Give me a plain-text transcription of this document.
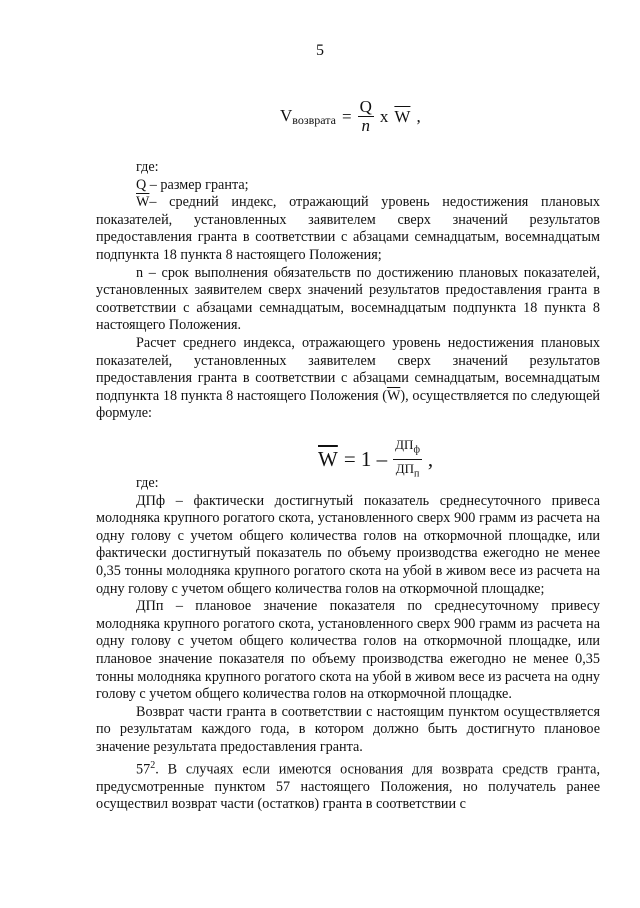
5
$V_{возврата} = \frac{Q}{n}$ x $\overline{W}$ ,

где:

Q – размер гранта;

$\overline{W}-$ средний индекс, отражающий уровень недостижения плановых показателей, установленных заявителем сверх значений результатов предоставления гранта в соответствии с абзацами семнадцатым, восемнадцатым подпункта 18 пункта 8 настоящего Положения;

n – срок выполнения обязательств по достижению плановых показателей, установленных заявителем сверх значений результатов предоставления гранта в соответствии с абзацами семнадцатым, восемнадцатым подпункта 18 пункта 8 настоящего Положения.

Расчет среднего индекса, отражающего уровень недостижения плановых показателей, установленных заявителем сверх значений результатов предоставления гранта в соответствии с абзацами семнадцатым, восемнадцатым подпункта 18 пункта 8 настоящего Положения $(\overline{W})$, осуществляется по следующей формуле:

$\overline{W} = 1 - \frac{ДП_ф}{ДП_п}$ ,

где:

ДПф – фактически достигнутый показатель среднесуточного привеса молодняка крупного рогатого скота, установленного сверх 900 грамм из расчета на одну голову с учетом общего количества голов на откормочной площадке, или фактически достигнутый показатель по объему производства ежегодно не менее 0,35 тонны молодняка крупного рогатого скота на убой в живом весе из расчета на одну голову с учетом общего количества голов на откормочной площадке;

ДПп – плановое значение показателя по среднесуточному привесу молодняка крупного рогатого скота, установленного сверх 900 грамм из расчета на одну голову с учетом общего количества голов на откормочной площадке, или плановое значение показателя по объему производства ежегодно не менее 0,35 тонны молодняка крупного рогатого скота на убой в живом весе из расчета на одну голову с учетом общего количества голов на откормочной площадке.

Возврат части гранта в соответствии с настоящим пунктом осуществляется по результатам каждого года, в котором должно быть достигнуто плановое значение результата предоставления гранта.

$57^2$. В случаях если имеются основания для возврата средств гранта, предусмотренные пунктом 57 настоящего Положения, но получатель ранее осуществил возврат части (остатков) гранта в соответствии с
